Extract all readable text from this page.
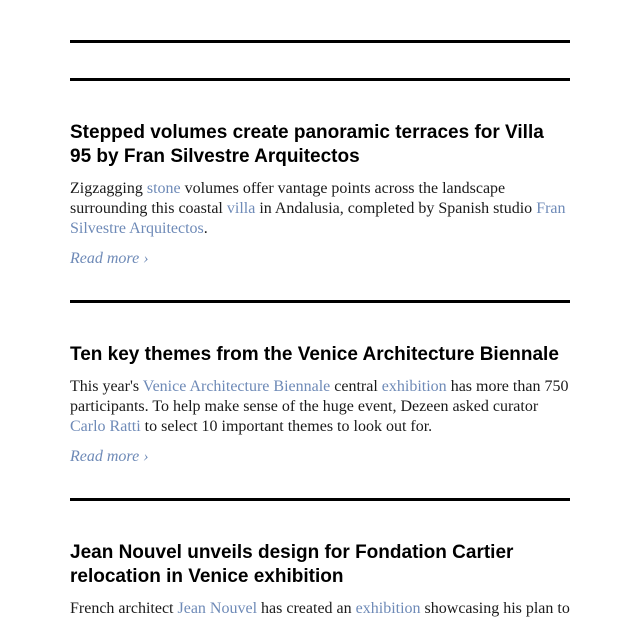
Stepped volumes create panoramic terraces for Villa 95 by Fran Silvestre Arquitectos

Zigzagging stone volumes offer vantage points across the landscape surrounding this coastal villa in Andalusia, completed by Spanish studio Fran Silvestre Arquitectos.

Read more ›
Ten key themes from the Venice Architecture Biennale

This year's Venice Architecture Biennale central exhibition has more than 750 participants. To help make sense of the huge event, Dezeen asked curator Carlo Ratti to select 10 important themes to look out for.

Read more ›
Jean Nouvel unveils design for Fondation Cartier relocation in Venice exhibition

French architect Jean Nouvel has created an exhibition showcasing his plan to
